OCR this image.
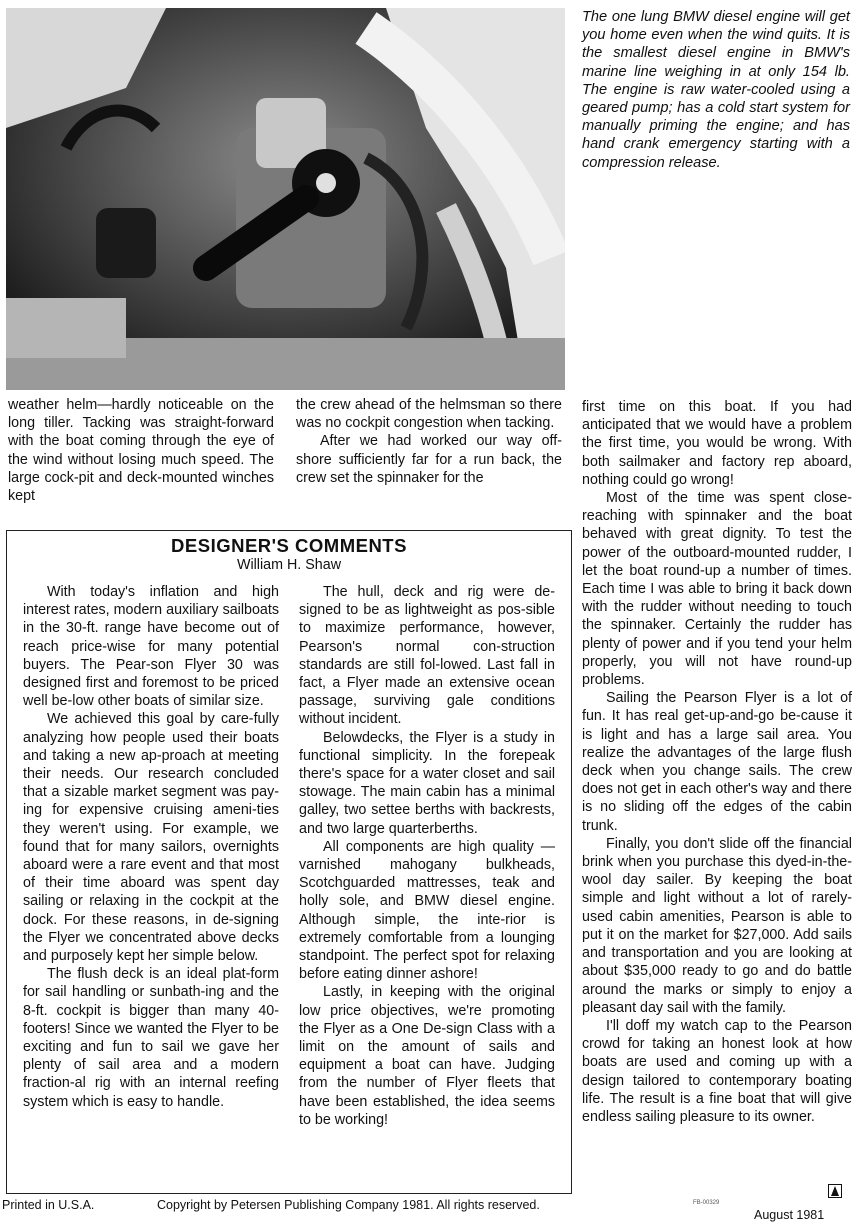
The one lung BMW diesel engine will get you home even when the wind quits. It is the smallest diesel engine in BMW's marine line weighing in at only 154 lb. The engine is raw water-cooled using a geared pump; has a cold start system for manually priming the engine; and has hand crank emergency starting with a compression release.

weather helm—hardly noticeable on the long tiller. Tacking was straight-forward with the boat coming through the eye of the wind without losing much speed. The large cock-pit and deck-mounted winches kept

the crew ahead of the helmsman so there was no cockpit congestion when tacking.

After we had worked our way off-shore sufficiently far for a run back, the crew set the spinnaker for the

first time on this boat. If you had anticipated that we would have a problem the first time, you would be wrong. With both sailmaker and factory rep aboard, nothing could go wrong!

Most of the time was spent close-reaching with spinnaker and the boat behaved with great dignity. To test the power of the outboard-mounted rudder, I let the boat round-up a number of times. Each time I was able to bring it back down with the rudder without needing to touch the spinnaker. Certainly the rudder has plenty of power and if you tend your helm properly, you will not have round-up problems.

Sailing the Pearson Flyer is a lot of fun. It has real get-up-and-go be-cause it is light and has a large sail area. You realize the advantages of the large flush deck when you change sails. The crew does not get in each other's way and there is no sliding off the edges of the cabin trunk.

Finally, you don't slide off the financial brink when you purchase this dyed-in-the-wool day sailer. By keeping the boat simple and light without a lot of rarely-used cabin amenities, Pearson is able to put it on the market for $27,000. Add sails and transportation and you are looking at about $35,000 ready to go and do battle around the marks or simply to enjoy a pleasant day sail with the family.

I'll doff my watch cap to the Pearson crowd for taking an honest look at how boats are used and coming up with a design tailored to contemporary boating life. The result is a fine boat that will give endless sailing pleasure to its owner.

DESIGNER'S COMMENTS
William H. Shaw

With today's inflation and high interest rates, modern auxiliary sailboats in the 30-ft. range have become out of reach price-wise for many potential buyers. The Pear-son Flyer 30 was designed first and foremost to be priced well be-low other boats of similar size.

We achieved this goal by care-fully analyzing how people used their boats and taking a new ap-proach at meeting their needs. Our research concluded that a sizable market segment was pay-ing for expensive cruising ameni-ties they weren't using. For example, we found that for many sailors, overnights aboard were a rare event and that most of their time aboard was spent day sailing or relaxing in the cockpit at the dock. For these reasons, in de-signing the Flyer we concentrated above decks and purposely kept her simple below.

The flush deck is an ideal plat-form for sail handling or sunbath-ing and the 8-ft. cockpit is bigger than many 40-footers! Since we wanted the Flyer to be exciting and fun to sail we gave her plenty of sail area and a modern fraction-al rig with an internal reefing system which is easy to handle.

The hull, deck and rig were de-signed to be as lightweight as pos-sible to maximize performance, however, Pearson's normal con-struction standards are still fol-lowed. Last fall in fact, a Flyer made an extensive ocean passage, surviving gale conditions without incident.

Belowdecks, the Flyer is a study in functional simplicity. In the forepeak there's space for a water closet and sail stowage. The main cabin has a minimal galley, two settee berths with backrests, and two large quarterberths.

All components are high quality —varnished mahogany bulkheads, Scotchguarded mattresses, teak and holly sole, and BMW diesel engine. Although simple, the inte-rior is extremely comfortable from a lounging standpoint. The perfect spot for relaxing before eating dinner ashore!

Lastly, in keeping with the original low price objectives, we're promoting the Flyer as a One De-sign Class with a limit on the amount of sails and equipment a boat can have. Judging from the number of Flyer fleets that have been established, the idea seems to be working!

Printed in U.S.A.	Copyright by Petersen Publishing Company 1981. All rights reserved.	FB-00329
August 1981
